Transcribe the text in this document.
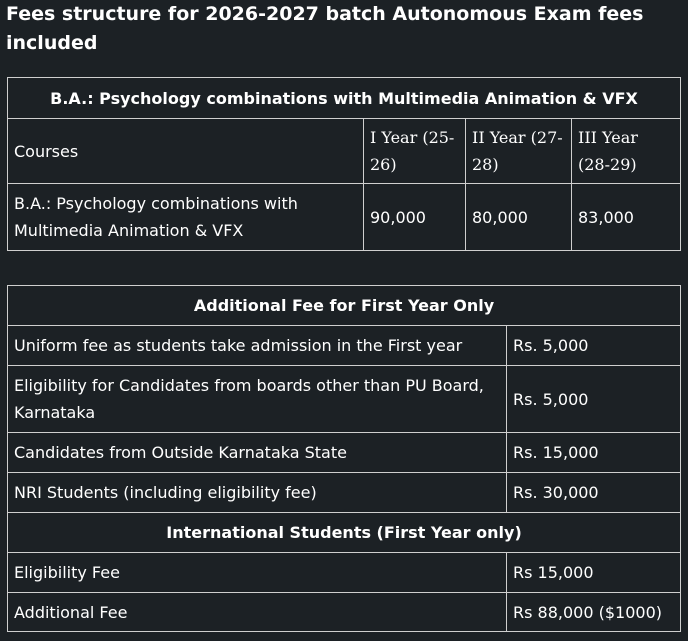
Fees structure for 2026-2027 batch Autonomous Exam fees included
B.A.: Psychology combinations with Multimedia Animation & VFX			
Courses	I Year (25-26)	II Year (27-28)	III Year (28-29)
B.A.: Psychology combinations with Multimedia Animation & VFX	90,000	80,000	83,000
Additional Fee for First Year Only	
Uniform fee as students take admission in the First year	Rs. 5,000
Eligibility for Candidates from boards other than PU Board, Karnataka	Rs. 5,000
Candidates from Outside Karnataka State	Rs. 15,000
NRI Students (including eligibility fee)	Rs. 30,000
International Students (First Year only)	
Eligibility Fee	Rs 15,000
Additional Fee	Rs 88,000 ($1000)
